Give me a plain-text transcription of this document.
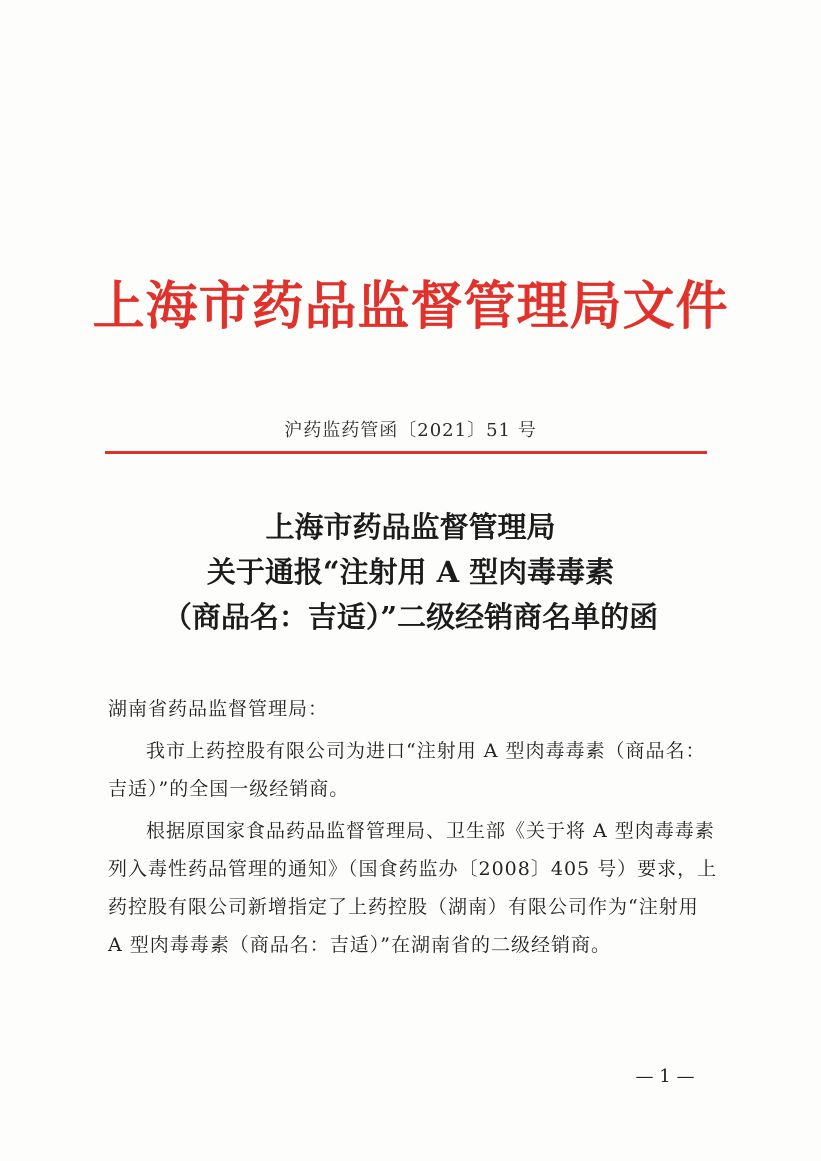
上海市药品监督管理局文件
沪药监药管函〔2021〕51 号
上海市药品监督管理局
关于通报“注射用 A 型肉毒毒素
（商品名：吉适）”二级经销商名单的函

湖南省药品监督管理局：

我市上药控股有限公司为进口“注射用 A 型肉毒毒素（商品名：吉适）”的全国一级经销商。

根据原国家食品药品监督管理局、卫生部《关于将 A 型肉毒毒素列入毒性药品管理的通知》（国食药监办〔2008〕405 号）要求，上药控股有限公司新增指定了上药控股（湖南）有限公司作为“注射用 A 型肉毒毒素（商品名：吉适）”在湖南省的二级经销商。

— 1 —
